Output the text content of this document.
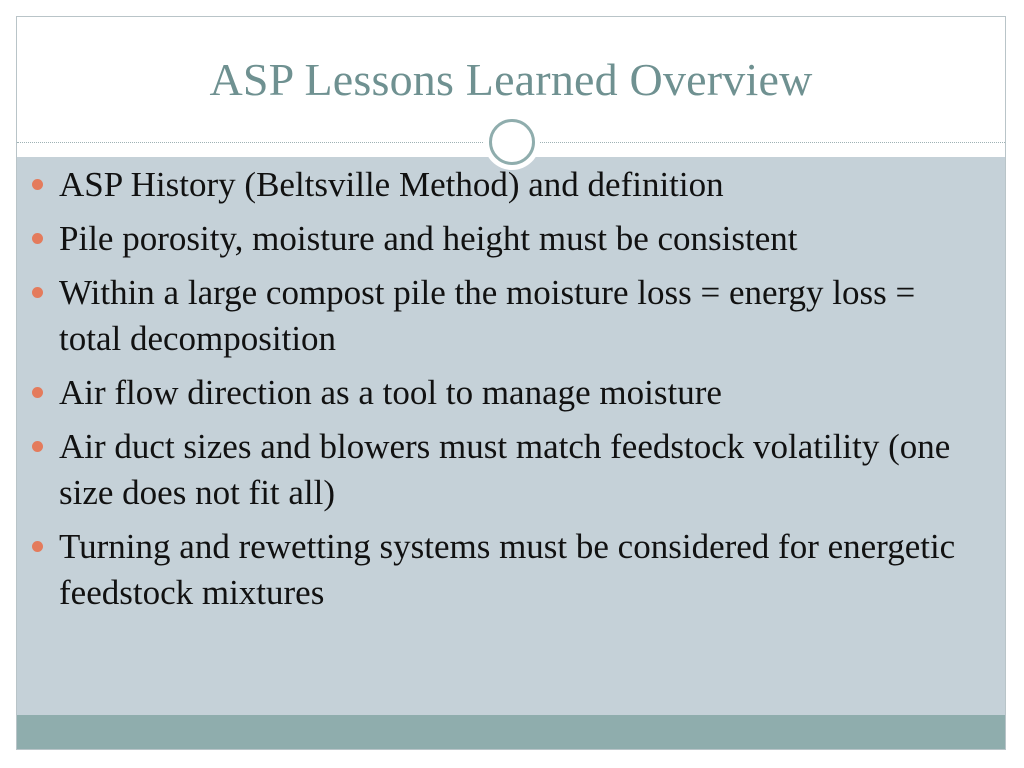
ASP Lessons Learned Overview
ASP History (Beltsville Method) and definition
Pile porosity, moisture and height must be consistent
Within a large compost pile the moisture loss = energy loss = total decomposition
Air flow direction as a tool to manage moisture
Air duct sizes and blowers must match feedstock volatility (one size does not fit all)
Turning and rewetting systems must be considered for energetic feedstock mixtures
